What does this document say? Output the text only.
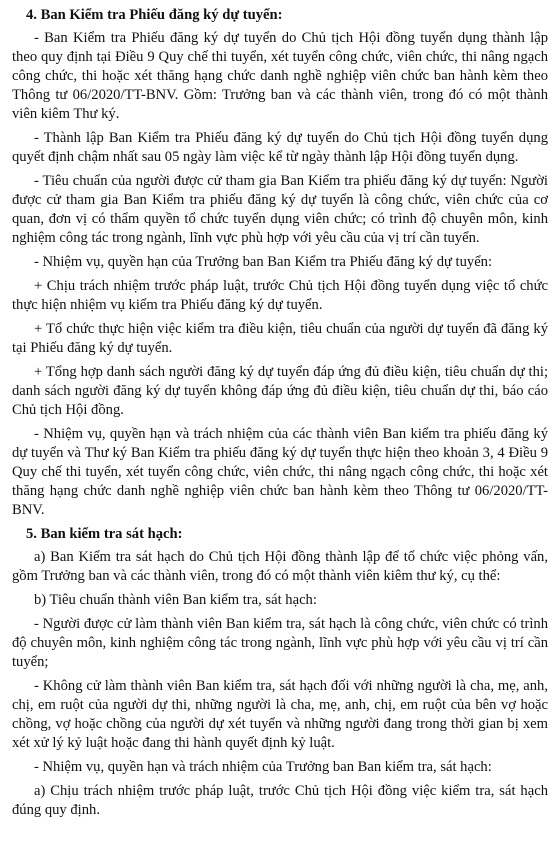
4. Ban Kiểm tra Phiếu đăng ký dự tuyển:
- Ban Kiểm tra Phiếu đăng ký dự tuyển do Chủ tịch Hội đồng tuyển dụng thành lập theo quy định tại Điều 9 Quy chế thi tuyển, xét tuyển công chức, viên chức, thi nâng ngạch công chức, thi hoặc xét thăng hạng chức danh nghề nghiệp viên chức ban hành kèm theo Thông tư 06/2020/TT-BNV. Gồm: Trưởng ban và các thành viên, trong đó có một thành viên kiêm Thư ký.
- Thành lập Ban Kiểm tra Phiếu đăng ký dự tuyển do Chủ tịch Hội đồng tuyển dụng quyết định chậm nhất sau 05 ngày làm việc kể từ ngày thành lập Hội đồng tuyển dụng.
- Tiêu chuẩn của người được cử tham gia Ban Kiểm tra phiếu đăng ký dự tuyển: Người được cử tham gia Ban Kiểm tra phiếu đăng ký dự tuyển là công chức, viên chức của cơ quan, đơn vị có thẩm quyền tổ chức tuyển dụng viên chức; có trình độ chuyên môn, kinh nghiệm công tác trong ngành, lĩnh vực phù hợp với yêu cầu của vị trí cần tuyển.
- Nhiệm vụ, quyền hạn của Trưởng ban Ban Kiểm tra Phiếu đăng ký dự tuyển:
+ Chịu trách nhiệm trước pháp luật, trước Chủ tịch Hội đồng tuyển dụng việc tổ chức thực hiện nhiệm vụ kiểm tra Phiếu đăng ký dự tuyển.
+ Tổ chức thực hiện việc kiểm tra điều kiện, tiêu chuẩn của người dự tuyển đã đăng ký tại Phiếu đăng ký dự tuyển.
+ Tổng hợp danh sách người đăng ký dự tuyển đáp ứng đủ điều kiện, tiêu chuẩn dự thi; danh sách người đăng ký dự tuyển không đáp ứng đủ điều kiện, tiêu chuẩn dự thi, báo cáo Chủ tịch Hội đồng.
- Nhiệm vụ, quyền hạn và trách nhiệm của các thành viên Ban kiểm tra phiếu đăng ký dự tuyển và Thư ký Ban Kiểm tra phiếu đăng ký dự tuyển thực hiện theo khoản 3, 4 Điều 9 Quy chế thi tuyển, xét tuyển công chức, viên chức, thi nâng ngạch công chức, thi hoặc xét thăng hạng chức danh nghề nghiệp viên chức ban hành kèm theo Thông tư 06/2020/TT-BNV.
5. Ban kiểm tra sát hạch:
a) Ban Kiểm tra sát hạch do Chủ tịch Hội đồng thành lập để tổ chức việc phỏng vấn, gồm Trưởng ban và các thành viên, trong đó có một thành viên kiêm thư ký, cụ thể:
b) Tiêu chuẩn thành viên Ban kiểm tra, sát hạch:
- Người được cử làm thành viên Ban kiểm tra, sát hạch là công chức, viên chức có trình độ chuyên môn, kinh nghiệm công tác trong ngành, lĩnh vực phù hợp với yêu cầu vị trí cần tuyển;
- Không cử làm thành viên Ban kiểm tra, sát hạch đối với những người là cha, mẹ, anh, chị, em ruột của người dự thi, những người là cha, mẹ, anh, chị, em ruột của bên vợ hoặc chồng, vợ hoặc chồng của người dự xét tuyển và những người đang trong thời gian bị xem xét xử lý kỷ luật hoặc đang thi hành quyết định kỷ luật.
- Nhiệm vụ, quyền hạn và trách nhiệm của Trưởng ban Ban kiểm tra, sát hạch:
a) Chịu trách nhiệm trước pháp luật, trước Chủ tịch Hội đồng việc kiểm tra, sát hạch đúng quy định.
